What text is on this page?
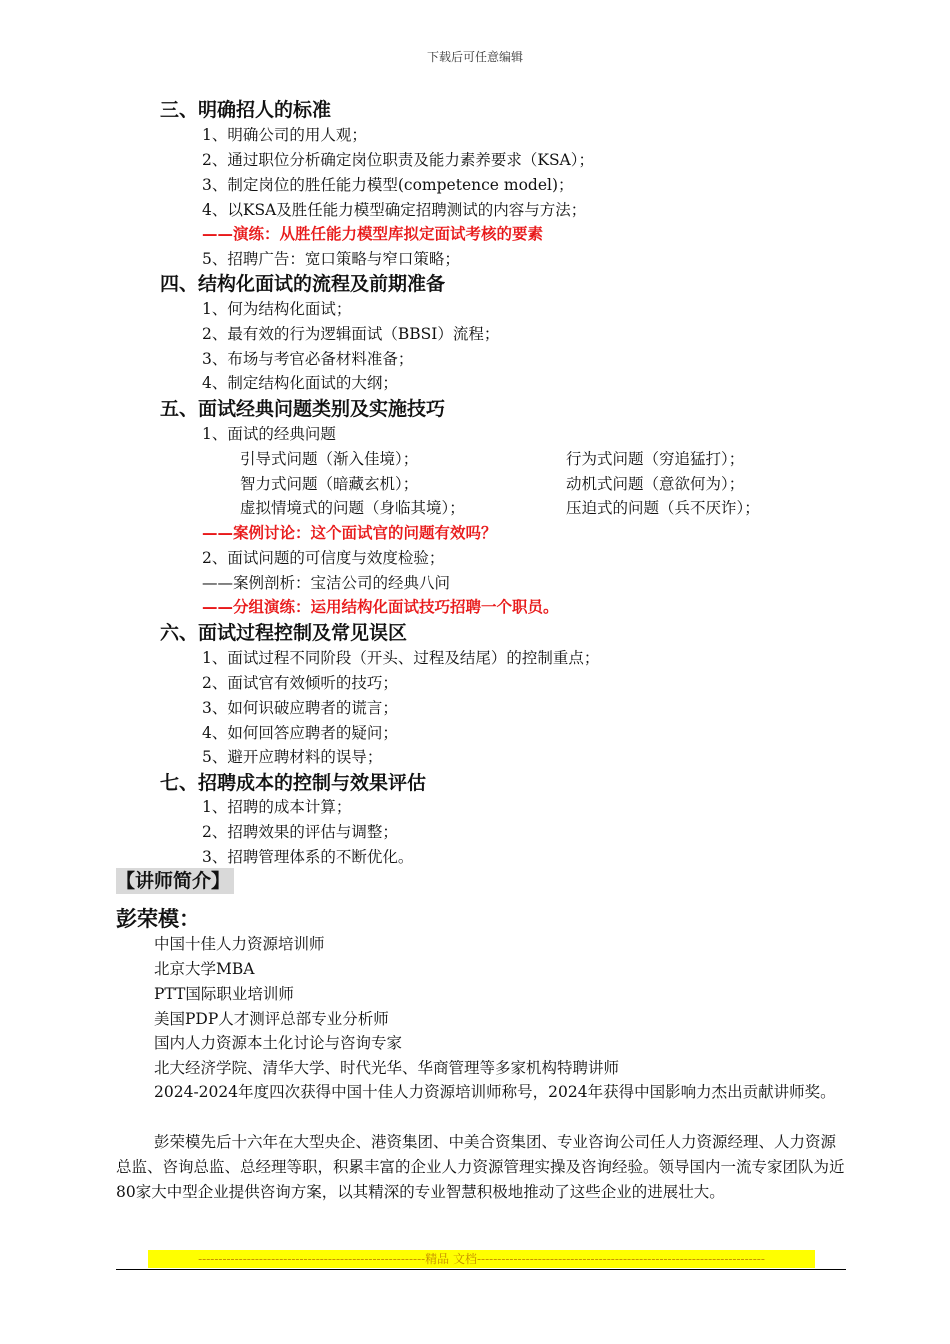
下载后可任意编辑
三、明确招人的标准
1、明确公司的用人观；
2、通过职位分析确定岗位职责及能力素养要求（KSA）；
3、制定岗位的胜任能力模型(competence model)；
4、以KSA及胜任能力模型确定招聘测试的内容与方法；
——演练：从胜任能力模型库拟定面试考核的要素
5、招聘广告：宽口策略与窄口策略；
四、结构化面试的流程及前期准备
1、何为结构化面试；
2、最有效的行为逻辑面试（BBSI）流程；
3、布场与考官必备材料准备；
4、制定结构化面试的大纲；
五、面试经典问题类别及实施技巧
1、面试的经典问题
引导式问题（渐入佳境）；	行为式问题（穷追猛打）；
智力式问题（暗藏玄机）；	动机式问题（意欲何为）；
虚拟情境式的问题（身临其境）；	压迫式的问题（兵不厌诈）；
——案例讨论：这个面试官的问题有效吗？
2、面试问题的可信度与效度检验；
——案例剖析：宝洁公司的经典八问
——分组演练：运用结构化面试技巧招聘一个职员。
六、面试过程控制及常见误区
1、面试过程不同阶段（开头、过程及结尾）的控制重点；
2、面试官有效倾听的技巧；
3、如何识破应聘者的谎言；
4、如何回答应聘者的疑问；
5、避开应聘材料的误导；
七、招聘成本的控制与效果评估
1、招聘的成本计算；
2、招聘效果的评估与调整；
3、招聘管理体系的不断优化。
【讲师简介】
彭荣模：
中国十佳人力资源培训师
北京大学MBA
PTT国际职业培训师
美国PDP人才测评总部专业分析师
国内人力资源本土化讨论与咨询专家
北大经济学院、清华大学、时代光华、华商管理等多家机构特聘讲师

2024-2024年度四次获得中国十佳人力资源培训师称号，2024年获得中国影响力杰出贡献讲师奖。

彭荣模先后十六年在大型央企、港资集团、中美合资集团、专业咨询公司任人力资源经理、人力资源总监、咨询总监、总经理等职，积累丰富的企业人力资源管理实操及咨询经验。领导国内一流专家团队为近80家大中型企业提供咨询方案，以其精深的专业智慧积极地推动了这些企业的进展壮大。

--------------------------------------------------------精品 文档-----------------------------------------------------------------------
